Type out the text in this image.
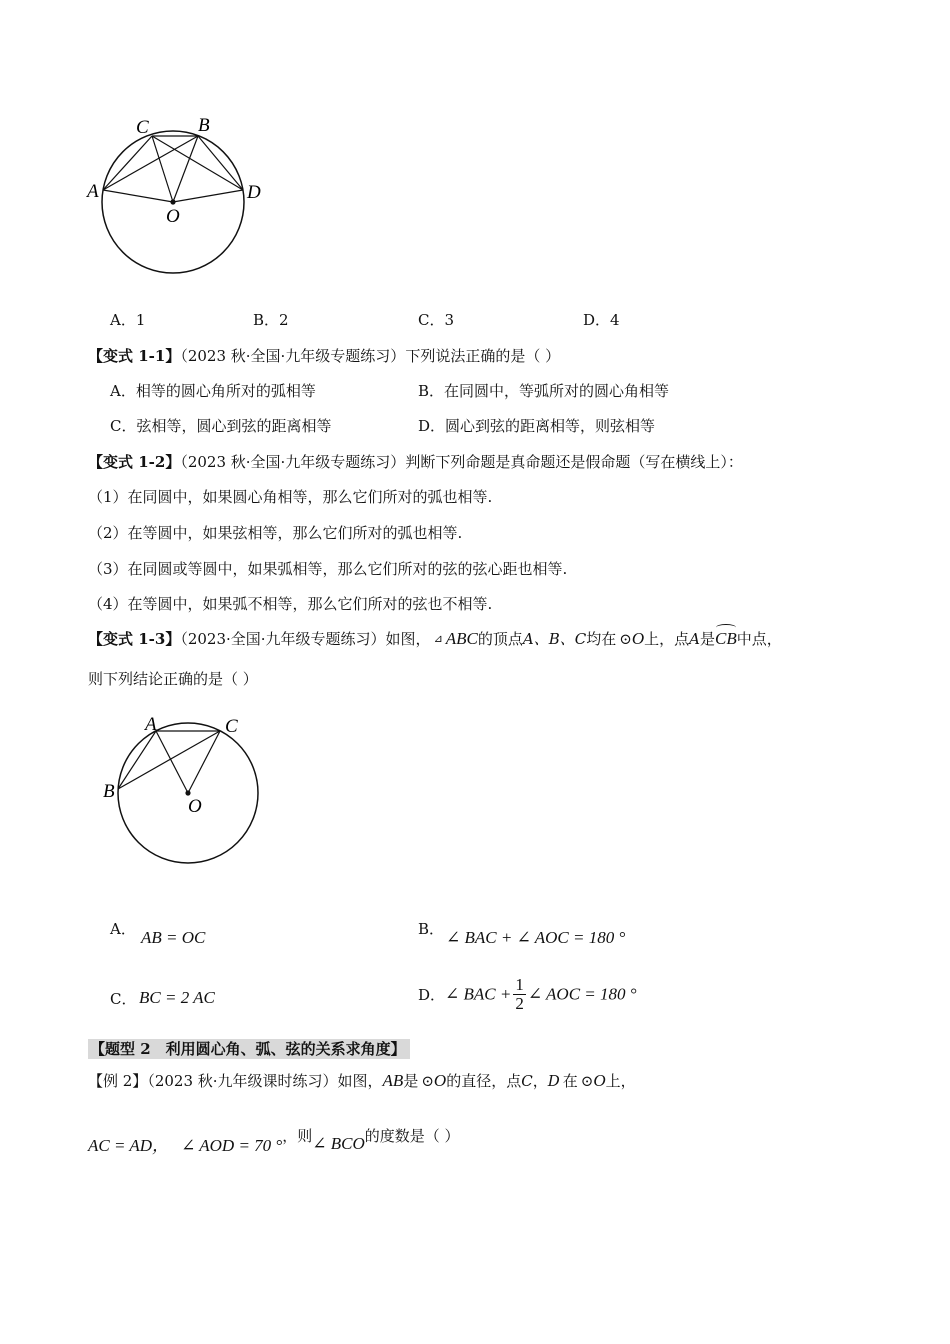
C	B
A	D
O
A．1	B．2	C．3	D．4
【变式 1-1】（2023 秋·全国·九年级专题练习）下列说法正确的是（ ）
A．相等的圆心角所对的弧相等	B．在同圆中，等弧所对的圆心角相等
C．弦相等，圆心到弦的距离相等	D．圆心到弦的距离相等，则弦相等
【变式 1-2】（2023 秋·全国·九年级专题练习）判断下列命题是真命题还是假命题（写在横线上）：
（1）在同圆中，如果圆心角相等，那么它们所对的弧也相等.
（2）在等圆中，如果弦相等，那么它们所对的弧也相等.
（3）在同圆或等圆中，如果弧相等，那么它们所对的弦的弦心距也相等.
（4）在等圆中，如果弧不相等，那么它们所对的弦也不相等.
【变式 1-3】（2023·全国·九年级专题练习）如图， ⊿ ABC的顶点A、B、C均在 ⊙O上，点A是
CB中点，
则下列结论正确的是（ ）
A	C
B
O
A． AB = OC	B． ∠ BAC + ∠ AOC = 180 °
C． BC = 2 AC	D．∠ BAC + $\frac{1}{2}$ ∠ AOC = 180 °
【题型 2　利用圆心角、弧、弦的关系求角度】
【例 2】（2023 秋·九年级课时练习）如图，AB是 ⊙O的直径，点C，D 在 ⊙O上，
AC = AD， ∠ AOD = 70 °，则∠ BCO的度数是（ ）
